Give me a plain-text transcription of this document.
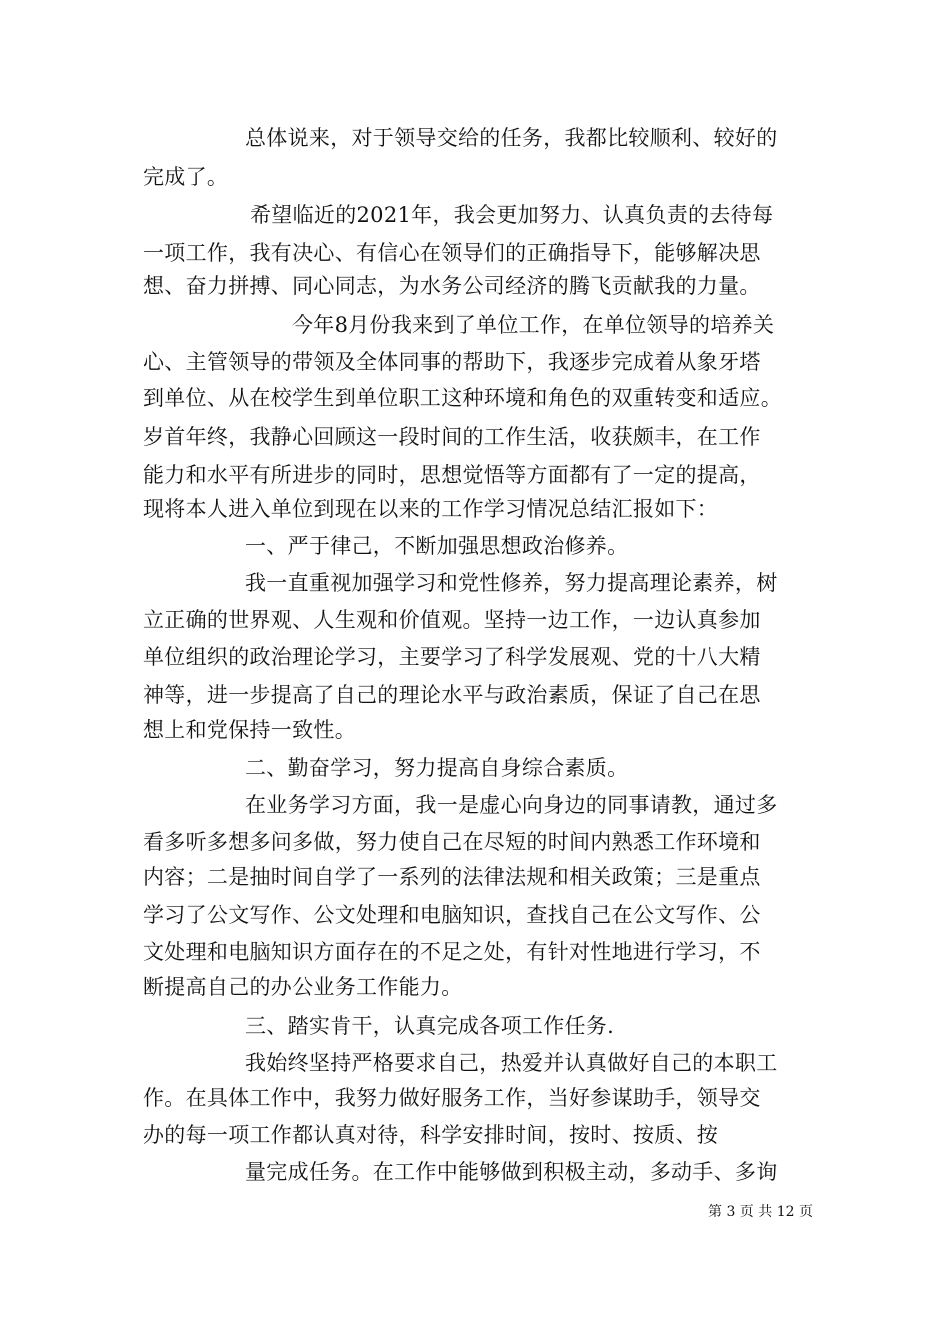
总体说来，对于领导交给的任务，我都比较顺利、较好的
完成了。
希望临近的2021年，我会更加努力、认真负责的去待每
一项工作，我有决心、有信心在领导们的正确指导下，能够解决思
想、奋力拼搏、同心同志，为水务公司经济的腾飞贡献我的力量。
今年8月份我来到了单位工作，在单位领导的培养关
心、主管领导的带领及全体同事的帮助下，我逐步完成着从象牙塔
到单位、从在校学生到单位职工这种环境和角色的双重转变和适应。
岁首年终，我静心回顾这一段时间的工作生活，收获颇丰，在工作
能力和水平有所进步的同时，思想觉悟等方面都有了一定的提高，
现将本人进入单位到现在以来的工作学习情况总结汇报如下：
一、严于律己，不断加强思想政治修养。
我一直重视加强学习和党性修养，努力提高理论素养，树
立正确的世界观、人生观和价值观。坚持一边工作，一边认真参加
单位组织的政治理论学习，主要学习了科学发展观、党的十八大精
神等，进一步提高了自己的理论水平与政治素质，保证了自己在思
想上和党保持一致性。
二、勤奋学习，努力提高自身综合素质。
在业务学习方面，我一是虚心向身边的同事请教，通过多
看多听多想多问多做，努力使自己在尽短的时间内熟悉工作环境和
内容；二是抽时间自学了一系列的法律法规和相关政策；三是重点
学习了公文写作、公文处理和电脑知识，查找自己在公文写作、公
文处理和电脑知识方面存在的不足之处，有针对性地进行学习，不
断提高自己的办公业务工作能力。
三、踏实肯干，认真完成各项工作任务.
我始终坚持严格要求自己，热爱并认真做好自己的本职工
作。在具体工作中，我努力做好服务工作，当好参谋助手，领导交
办的每一项工作都认真对待，科学安排时间，按时、按质、按
量完成任务。在工作中能够做到积极主动，多动手、多询
第 3 页 共 12 页
